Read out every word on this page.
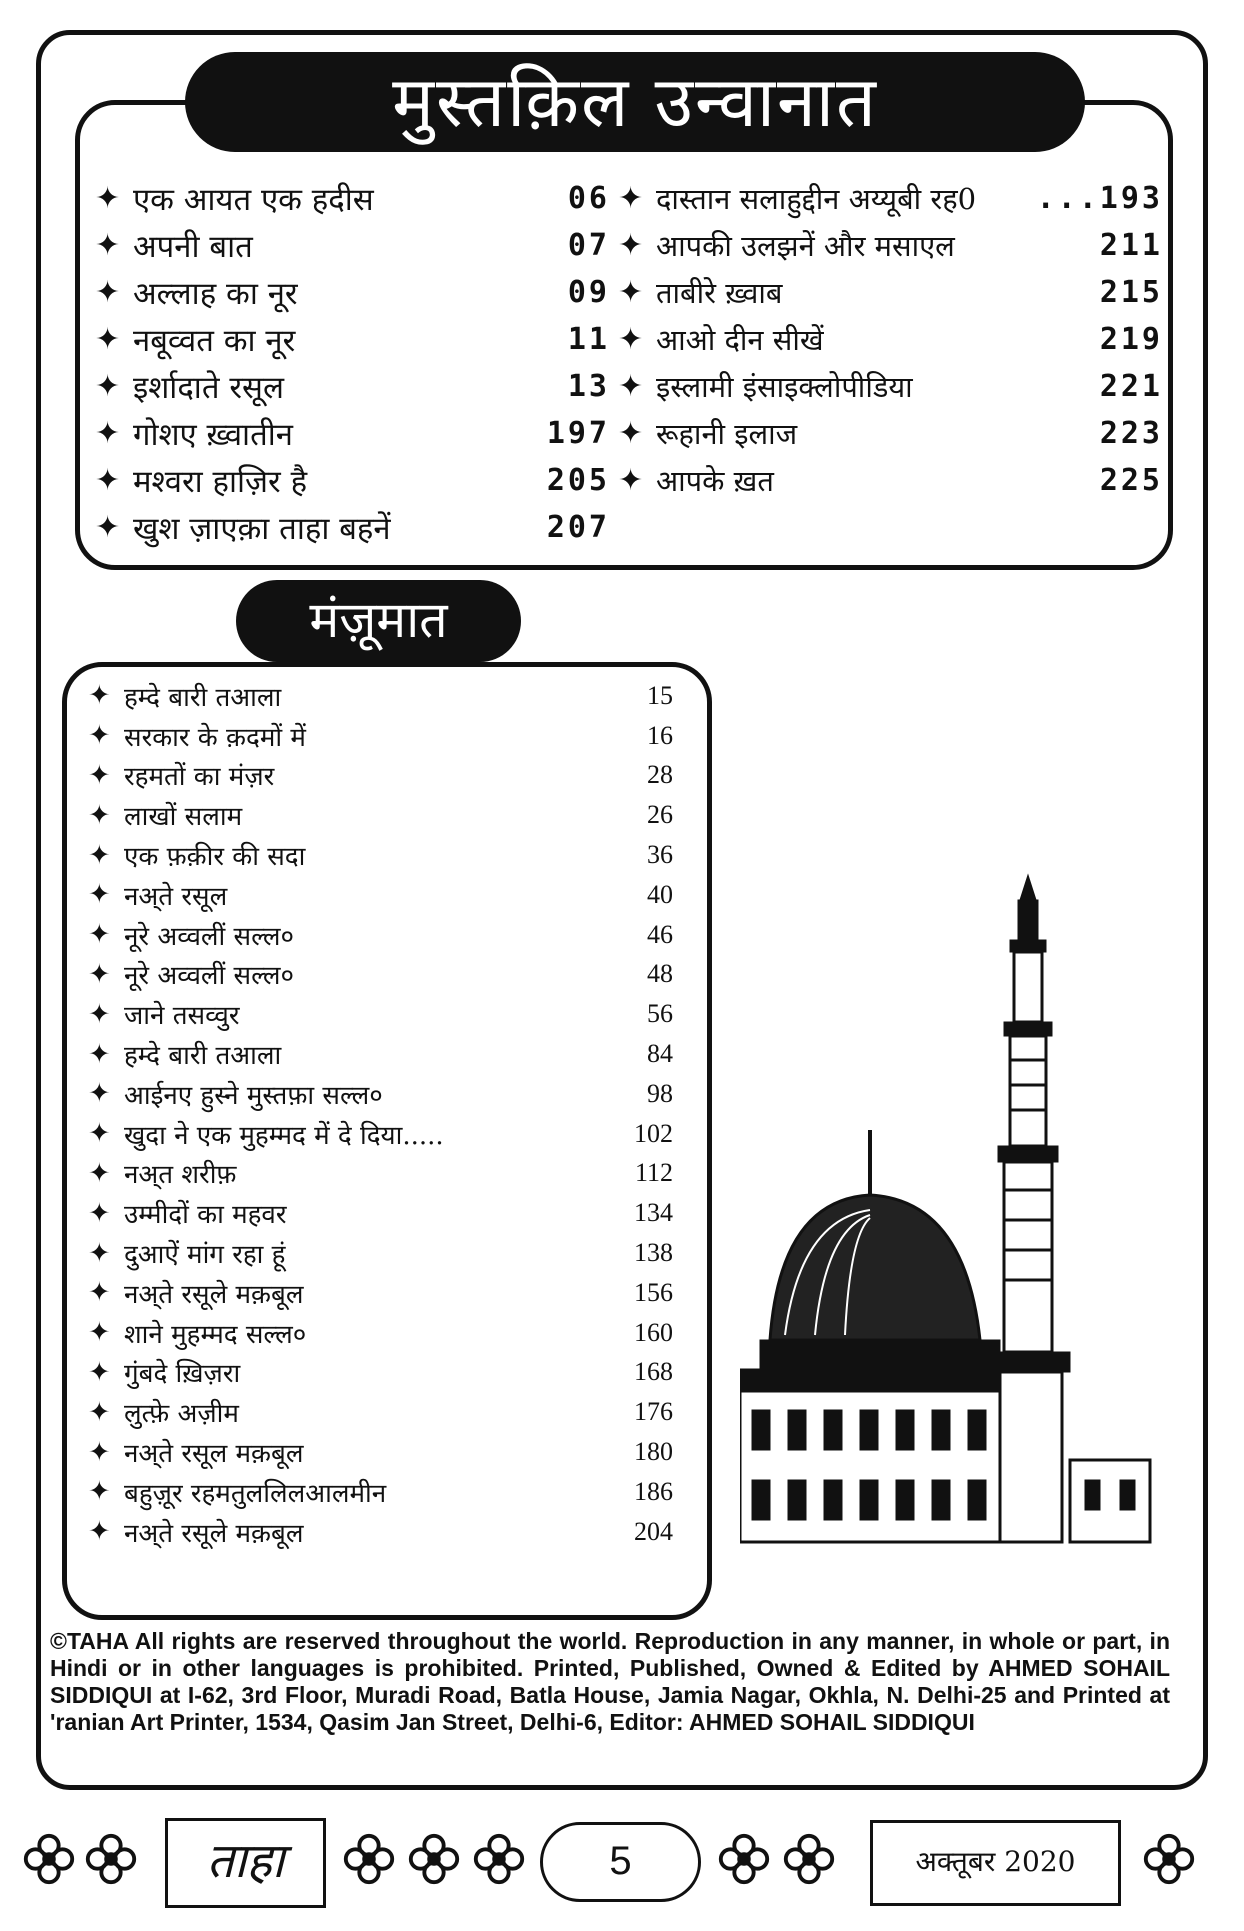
मुस्तक़िल उन्वानात
✦ एक आयत एक हदीस	06
✦ अपनी बात	07
✦ अल्लाह का नूर	09
✦ नबूव्वत का नूर	11
✦ इर्शादाते रसूल	13
✦ गोशए ख़्वातीन	197
✦ मश्वरा हाज़िर है	205
✦ खुश ज़ाएक़ा ताहा बहनें	207
✦ दास्तान सलाहुद्दीन अय्यूबी रह0 ...193
✦ आपकी उलझनें और मसाएल	211
✦ ताबीरे ख़्वाब	215
✦ आओ दीन सीखें	219
✦ इस्लामी इंसाइक्लोपीडिया	221
✦ रूहानी इलाज	223
✦ आपके ख़त	225
मंज़ूमात
✦ हम्दे बारी तआला	15
✦ सरकार के क़दमों में	16
✦ रहमतों का मंज़र	28
✦ लाखों सलाम	26
✦ एक फ़क़ीर की सदा	36
✦ नअ्ते रसूल	40
✦ नूरे अव्वलीं सल्ल०	46
✦ नूरे अव्वलीं सल्ल०	48
✦ जाने तसव्वुर	56
✦ हम्दे बारी तआला	84
✦ आईनए हुस्ने मुस्तफ़ा सल्ल०	98
✦ खुदा ने एक मुहम्मद में दे दिया.....	102
✦ नअ्त शरीफ़	112
✦ उम्मीदों का महवर	134
✦ दुआऐं मांग रहा हूं	138
✦ नअ्ते रसूले मक़बूल	156
✦ शाने मुहम्मद सल्ल०	160
✦ गुंबदे ख़िज़रा	168
✦ लुत्फ़े अज़ीम	176
✦ नअ्ते रसूल मक़बूल	180
✦ बहुज़ूर रहमतुललिलआलमीन	186
✦ नअ्ते रसूले मक़बूल	204
©TAHA All rights are reserved throughout the world. Reproduction in any manner, in whole or part, in Hindi or in other languages is prohibited. Printed, Published, Owned & Edited by AHMED SOHAIL SIDDIQUI at I-62, 3rd Floor, Muradi Road, Batla House, Jamia Nagar, Okhla, N. Delhi-25 and Printed at 'ranian Art Printer, 1534, Qasim Jan Street, Delhi-6, Editor: AHMED SOHAIL SIDDIQUI
ताहा	5	अक्तूबर 2020
